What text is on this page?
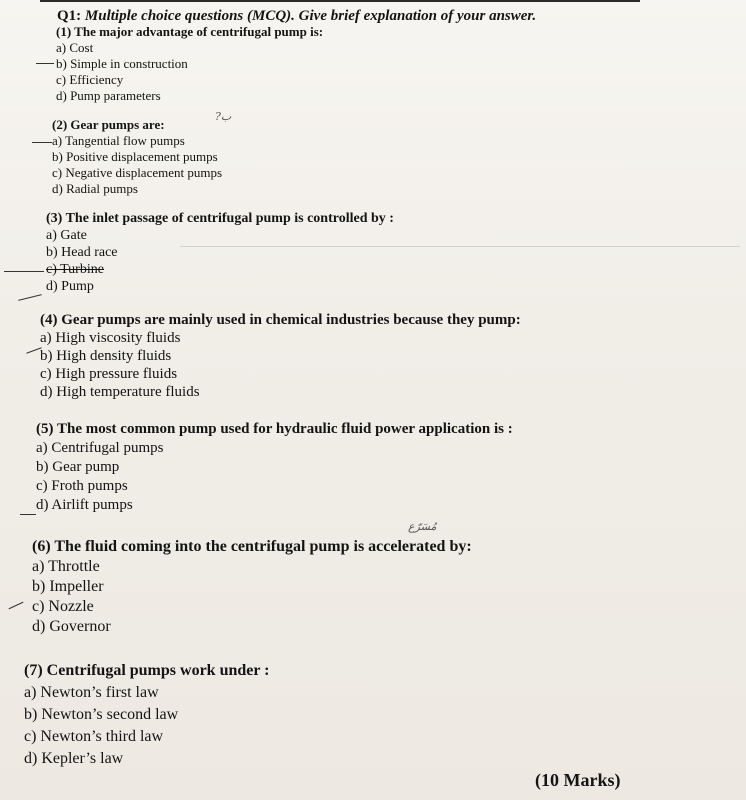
Q1: Multiple choice questions (MCQ). Give brief explanation of your answer.
(1) The major advantage of centrifugal pump is:
a) Cost
b) Simple in construction
c) Efficiency
d) Pump parameters
(2) Gear pumps are:
a) Tangential flow pumps
b) Positive displacement pumps
c) Negative displacement pumps
d) Radial pumps
?ب
(3) The inlet passage of centrifugal pump is controlled by :
a) Gate
b) Head race
c) Turbine
d) Pump
(4) Gear pumps are mainly used in chemical industries because they pump:
a) High viscosity fluids
b) High density fluids
c) High pressure fluids
d) High temperature fluids
(5) The most common pump used for hydraulic fluid power application is :
a) Centrifugal pumps
b) Gear pump
c) Froth pumps
d) Airlift pumps
(6) The fluid coming into the centrifugal pump is accelerated by:
a) Throttle
b) Impeller
c) Nozzle
d) Governor
مُسَرّع
(7) Centrifugal pumps work under :
a) Newton’s first law
b) Newton’s second law
c) Newton’s third law
d) Kepler’s law
(10 Marks)
